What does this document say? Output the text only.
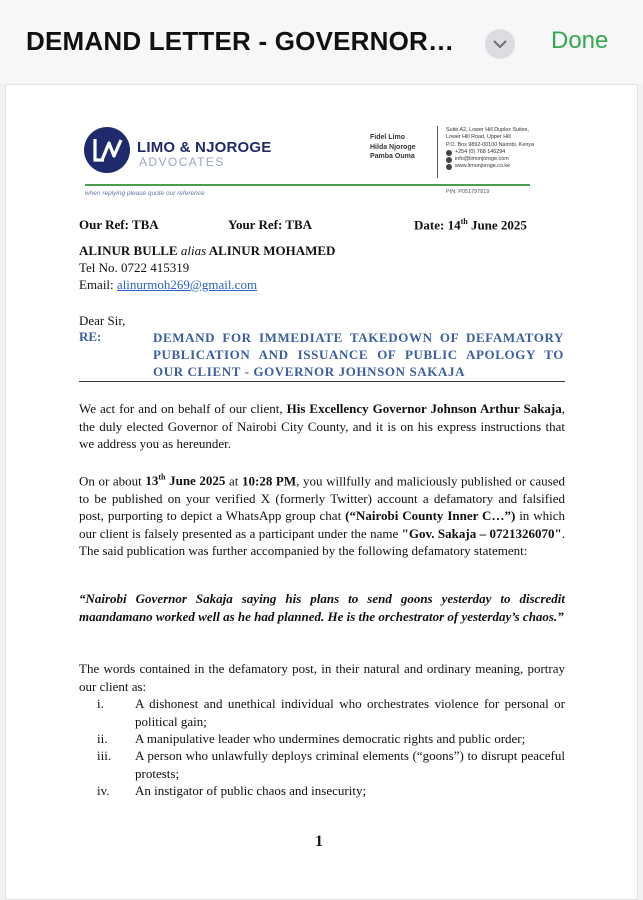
DEMAND LETTER - GOVERNOR…	Done
LIMO & NJOROGE
ADVOCATES
when replying please quote our reference
Fidel Limo
Hilda Njoroge
Pamba Ouma
Suite A2, Lower Hill Duplex Suites,
Lower Hill Road, Upper Hill
P.O. Box 9892-00100 Nairobi, Kenya
+254 (0) 768 146294
info@limonjoroge.com
www.limonjoroge.co.ke
PIN: P051797819
Our Ref: TBA	Your Ref: TBA	Date: 14th June 2025
ALINUR BULLE alias ALINUR MOHAMED
Tel No. 0722 415319
Email: alinurmoh269@gmail.com
Dear Sir,
RE:	DEMAND FOR IMMEDIATE TAKEDOWN OF DEFAMATORY PUBLICATION AND ISSUANCE OF PUBLIC APOLOGY TO OUR CLIENT - GOVERNOR JOHNSON SAKAJA
We act for and on behalf of our client, His Excellency Governor Johnson Arthur Sakaja, the duly elected Governor of Nairobi City County, and it is on his express instructions that we address you as hereunder.
On or about 13th June 2025 at 10:28 PM, you willfully and maliciously published or caused to be published on your verified X (formerly Twitter) account a defamatory and falsified post, purporting to depict a WhatsApp group chat (“Nairobi County Inner C…”) in which our client is falsely presented as a participant under the name "Gov. Sakaja – 0721326070". The said publication was further accompanied by the following defamatory statement:
“Nairobi Governor Sakaja saying his plans to send goons yesterday to discredit maandamano worked well as he had planned. He is the orchestrator of yesterday’s chaos.”
The words contained in the defamatory post, in their natural and ordinary meaning, portray our client as:
i. A dishonest and unethical individual who orchestrates violence for personal or political gain;
ii. A manipulative leader who undermines democratic rights and public order;
iii. A person who unlawfully deploys criminal elements (“goons”) to disrupt peaceful protests;
iv. An instigator of public chaos and insecurity;
1
